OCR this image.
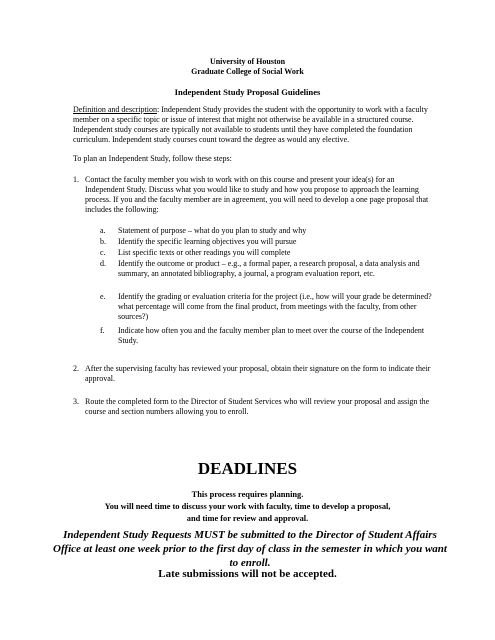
University of Houston
Graduate College of Social Work
Independent Study Proposal Guidelines

Definition and description: Independent Study provides the student with the opportunity to work with a faculty member on a specific topic or issue of interest that might not otherwise be available in a structured course. Independent study courses are typically not available to students until they have completed the foundation curriculum. Independent study courses count toward the degree as would any elective.

To plan an Independent Study, follow these steps:

1. Contact the faculty member you wish to work with on this course and present your idea(s) for an Independent Study. Discuss what you would like to study and how you propose to approach the learning process. If you and the faculty member are in agreement, you will need to develop a one page proposal that includes the following:
a. Statement of purpose – what do you plan to study and why
b. Identify the specific learning objectives you will pursue
c. List specific texts or other readings you will complete
d. Identify the outcome or product – e.g., a formal paper, a research proposal, a data analysis and summary, an annotated bibliography, a journal, a program evaluation report, etc.
e. Identify the grading or evaluation criteria for the project (i.e., how will your grade be determined? what percentage will come from the final product, from meetings with the faculty, from other sources?)
f. Indicate how often you and the faculty member plan to meet over the course of the Independent Study.
2. After the supervising faculty has reviewed your proposal, obtain their signature on the form to indicate their approval.
3. Route the completed form to the Director of Student Services who will review your proposal and assign the course and section numbers allowing you to enroll.
DEADLINES
This process requires planning.
You will need time to discuss your work with faculty, time to develop a proposal,
and time for review and approval.
Independent Study Requests MUST be submitted to the Director of Student Affairs Office at least one week prior to the first day of class in the semester in which you want to enroll.
Late submissions will not be accepted.
